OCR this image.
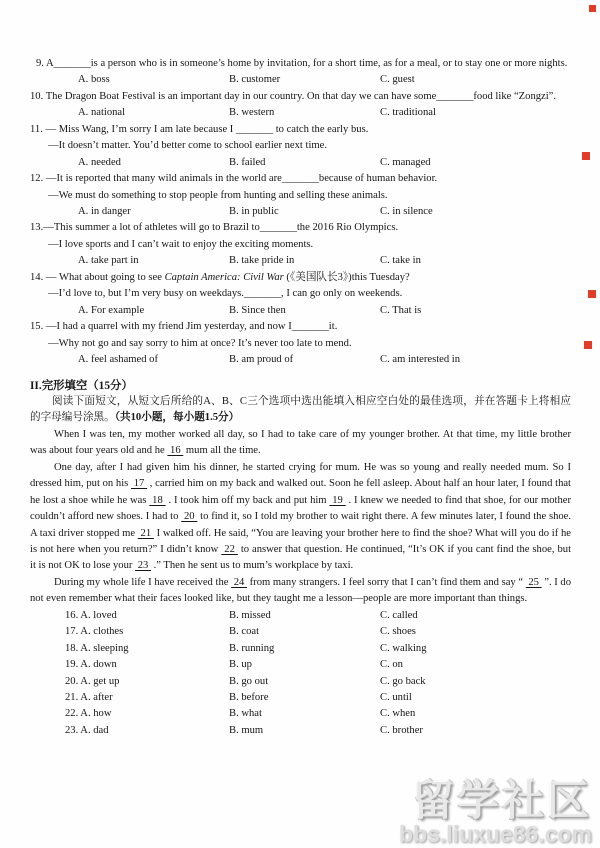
9. A_______is a person who is in someone’s home by invitation, for a short time, as for a meal, or to stay one or more nights.

A. boss	B. customer	C. guest

10. The Dragon Boat Festival is an important day in our country. On that day we can have some_______food like “Zongzi”.

A. national	B. western	C. traditional

11. — Miss Wang, I’m sorry I am late because I _______ to catch the early bus.

—It doesn’t matter. You’d better come to school earlier next time.

A. needed	B. failed	C. managed

12. —It is reported that many wild animals in the world are_______because of human behavior.

—We must do something to stop people from hunting and selling these animals.

A. in danger	B. in public	C. in silence

13.—This summer a lot of athletes will go to Brazil to_______the 2016 Rio Olympics.

—I love sports and I can’t wait to enjoy the exciting moments.

A. take part in	B. take pride in	C. take in

14. — What about going to see Captain America: Civil War (《美国队长3》)this Tuesday?

—I’d love to, but I’m very busy on weekdays._______, I can go only on weekends.

A. For example	B. Since then	C. That is

15. —I had a quarrel with my friend Jim yesterday, and now I_______it.

—Why not go and say sorry to him at once? It’s never too late to mend.

A. feel ashamed of	B. am proud of	C. am interested in
II.完形填空（15分）

阅读下面短文，从短文后所给的A、B、C三个选项中选出能填入相应空白处的最佳选项，并在答题卡上将相应的字母编号涂黑。（共10小题，每小题1.5分）

When I was ten, my mother worked all day, so I had to take care of my younger brother. At that time, my little brother was about four years old and he  16  mum all the time.

One day, after I had given him his dinner, he started crying for mum. He was so young and really needed mum. So I dressed him, put on his  17  , carried him on my back and walked out. Soon he fell asleep. About half an hour later, I found that he lost a shoe while he was  18  . I took him off my back and put him  19  . I knew we needed to find that shoe, for our mother couldn’t afford new shoes. I had to  20  to find it, so I told my brother to wait right there. A few minutes later, I found the shoe. A taxi driver stopped me  21  I walked off. He said, “You are leaving your brother here to find the shoe? What will you do if he is not here when you return?” I didn’t know  22  to answer that question. He continued, “It’s OK if you cant find the shoe, but it is not OK to lose your  23  .” Then he sent us to mum’s workplace by taxi.

During my whole life I have received the  24  from many strangers. I feel sorry that I can’t find them and say “  25  ”. I do not even remember what their faces looked like, but they taught me a lesson—people are more important than things.

16. A. loved	B. missed	C. called
17. A. clothes	B. coat	C. shoes
18. A. sleeping	B. running	C. walking
19. A. down	B. up	C. on
20. A. get up	B. go out	C. go back
21. A. after	B. before	C. until
22. A. how	B. what	C. when
23. A. dad	B. mum	C. brother
留学社区
bbs.liuxue86.com
